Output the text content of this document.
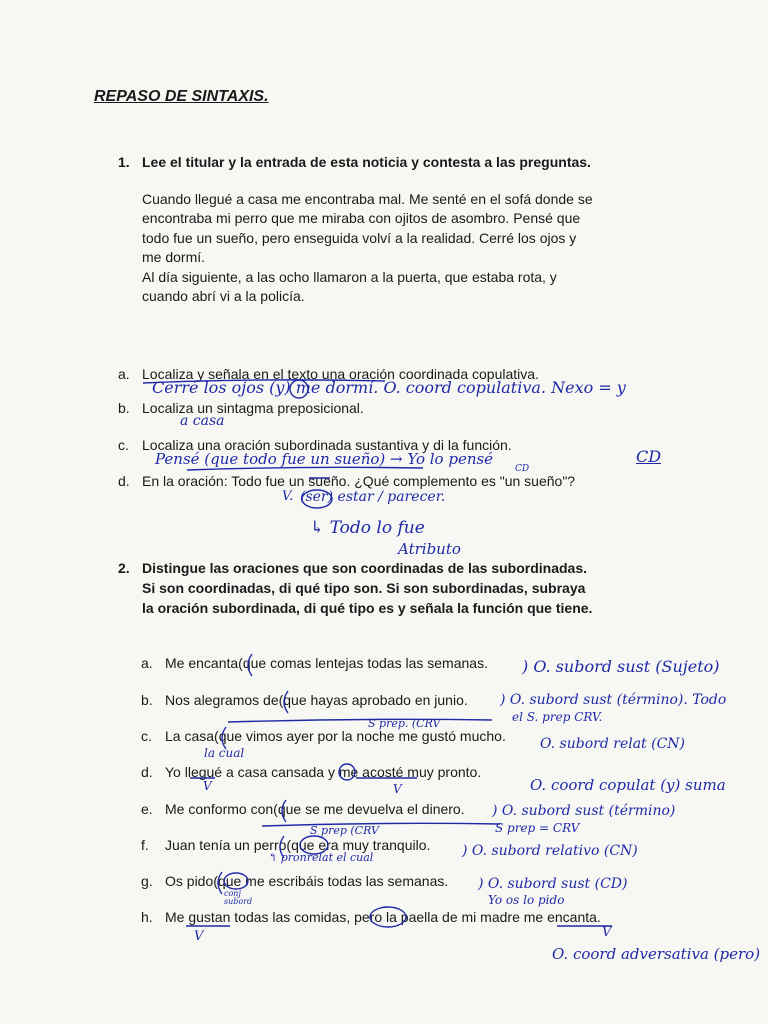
REPASO DE SINTAXIS.
1. Lee el titular y la entrada de esta noticia y contesta a las preguntas.

Cuando llegué a casa me encontraba mal. Me senté en el sofá donde se

encontraba mi perro que me miraba con ojitos de asombro. Pensé que

todo fue un sueño, pero enseguida volví a la realidad. Cerré los ojos y

me dormí.

Al día siguiente, a las ocho llamaron a la puerta, que estaba rota, y

cuando abrí vi a la policía.

a. Localiza y señala en el texto una oración coordinada copulativa.
b. Localiza un sintagma preposicional.
c. Localiza una oración subordinada sustantiva y di la función.
d. En la oración: Todo fue un sueño. ¿Qué complemento es "un sueño"?
2. Distingue las oraciones que son coordinadas de las subordinadas.
Si son coordinadas, di qué tipo son. Si son subordinadas, subraya
la oración subordinada, di qué tipo es y señala la función que tiene.
a. Me encanta(que comas lentejas todas las semanas.
b. Nos alegramos de(que hayas aprobado en junio.
c. La casa(que vimos ayer por la noche me gustó mucho.
d. Yo llegué a casa cansada y me acosté muy pronto.
e. Me conformo con(que se me devuelva el dinero.
f. Juan tenía un perro(que era muy tranquilo.
g. Os pido(que me escribáis todas las semanas.
h. Me gustan todas las comidas, pero la paella de mi madre me encanta.
Cerré los ojos (y) me dormí. O. coord copulativa. Nexo = y
a casa
Pensé (que todo fue un sueño) → Yo lo pensé	CD
CD
V. (ser) estar / parecer.
↳ Todo lo fue
Atributo
) O. subord sust (Sujeto)
) O. subord sust (término). Todo
el S. prep CRV.
S prep. (CRV
la cual
O. subord relat (CN)
O. coord copulat (y) suma
V	V
) O. subord sust (término)
S prep (CRV	S prep = CRV
) O. subord relativo (CN)
↰ pronrelat el cual
) O. subord sust (CD)
Yo os lo pido
conj subord
V	V
O. coord adversativa (pero)
